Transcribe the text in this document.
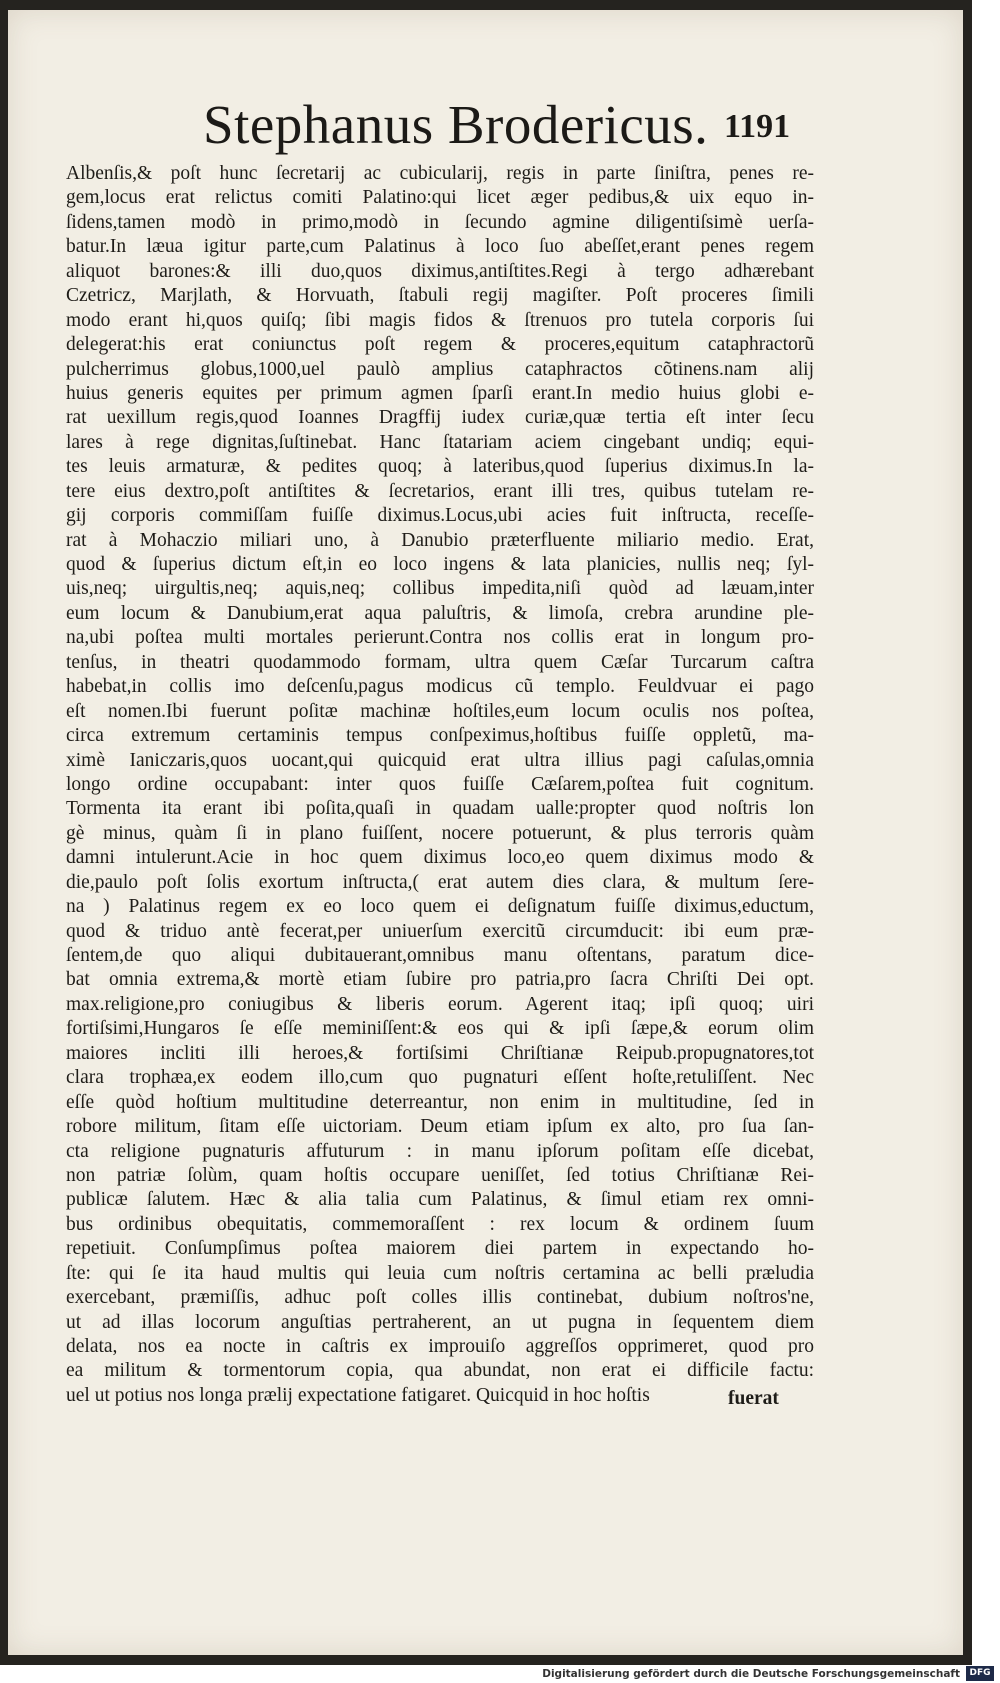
Stephanus Brodericus. 1191
Albenſis,& poſt hunc ſecretarij ac cubicularij, regis in parte ſiniſtra, penes re-
gem,locus erat relictus comiti Palatino:qui licet æger pedibus,& uix equo in-
ſidens,tamen modò in primo,modò in ſecundo agmine diligentiſsimè uerſa-
batur.In læua igitur parte,cum Palatinus à loco ſuo abeſſet,erant penes regem
aliquot barones:& illi duo,quos diximus,antiſtites.Regi à tergo adhærebant
Czetricz, Marjlath, & Horvuath, ſtabuli regij magiſter. Poſt proceres ſimili
modo erant hi,quos quiſq; ſibi magis fidos & ſtrenuos pro tutela corporis ſui
delegerat:his erat coniunctus poſt regem & proceres,equitum cataphractorũ
pulcherrimus globus,1000,uel paulò amplius cataphractos cõtinens.nam alij
huius generis equites per primum agmen ſparſi erant.In medio huius globi e-
rat uexillum regis,quod Ioannes Dragffij iudex curiæ,quæ tertia eſt inter ſecu
lares à rege dignitas,ſuſtinebat. Hanc ſtatariam aciem cingebant undiq; equi-
tes leuis armaturæ, & pedites quoq; à lateribus,quod ſuperius diximus.In la-
tere eius dextro,poſt antiſtites & ſecretarios, erant illi tres, quibus tutelam re-
gij corporis commiſſam fuiſſe diximus.Locus,ubi acies fuit inſtructa, receſſe-
rat à Mohaczio miliari uno, à Danubio præterfluente miliario medio. Erat,
quod & ſuperius dictum eſt,in eo loco ingens & lata planicies, nullis neq; ſyl-
uis,neq; uirgultis,neq; aquis,neq; collibus impedita,niſi quòd ad læuam,inter
eum locum & Danubium,erat aqua paluſtris, & limoſa, crebra arundine ple-
na,ubi poſtea multi mortales perierunt.Contra nos collis erat in longum pro-
tenſus, in theatri quodammodo formam, ultra quem Cæſar Turcarum caſtra
habebat,in collis imo deſcenſu,pagus modicus cũ templo. Feuldvuar ei pago
eſt nomen.Ibi fuerunt poſitæ machinæ hoſtiles,eum locum oculis nos poſtea,
circa extremum certaminis tempus conſpeximus,hoſtibus fuiſſe oppletũ, ma-
ximè Ianiczaris,quos uocant,qui quicquid erat ultra illius pagi caſulas,omnia
longo ordine occupabant: inter quos fuiſſe Cæſarem,poſtea fuit cognitum.
Tormenta ita erant ibi poſita,quaſi in quadam ualle:propter quod noſtris lon
gè minus, quàm ſi in plano fuiſſent, nocere potuerunt, & plus terroris quàm
damni intulerunt.Acie in hoc quem diximus loco,eo quem diximus modo &
die,paulo poſt ſolis exortum inſtructa,( erat autem dies clara, & multum ſere-
na ) Palatinus regem ex eo loco quem ei deſignatum fuiſſe diximus,eductum,
quod & triduo antè fecerat,per uniuerſum exercitũ circumducit: ibi eum præ-
ſentem,de quo aliqui dubitauerant,omnibus manu oſtentans, paratum dice-
bat omnia extrema,& mortè etiam ſubire pro patria,pro ſacra Chriſti Dei opt.
max.religione,pro coniugibus & liberis eorum. Agerent itaq; ipſi quoq; uiri
fortiſsimi,Hungaros ſe eſſe meminiſſent:& eos qui & ipſi ſæpe,& eorum olim
maiores incliti illi heroes,& fortiſsimi Chriſtianæ Reipub.propugnatores,tot
clara trophæa,ex eodem illo,cum quo pugnaturi eſſent hoſte,retuliſſent. Nec
eſſe quòd hoſtium multitudine deterreantur, non enim in multitudine, ſed in
robore militum, ſitam eſſe uictoriam. Deum etiam ipſum ex alto, pro ſua ſan-
cta religione pugnaturis affuturum : in manu ipſorum poſitam eſſe dicebat,
non patriæ ſolùm, quam hoſtis occupare ueniſſet, ſed totius Chriſtianæ Rei-
publicæ ſalutem. Hæc & alia talia cum Palatinus, & ſimul etiam rex omni-
bus ordinibus obequitatis, commemoraſſent : rex locum & ordinem ſuum
repetiuit. Conſumpſimus poſtea maiorem diei partem in expectando ho-
ſte: qui ſe ita haud multis qui leuia cum noſtris certamina ac belli præludia
exercebant, præmiſſis, adhuc poſt colles illis continebat, dubium noſtros'ne,
ut ad illas locorum anguſtias pertraherent, an ut pugna in ſequentem diem
delata, nos ea nocte in caſtris ex improuiſo aggreſſos opprimeret, quod pro
ea militum & tormentorum copia, qua abundat, non erat ei difficile factu:
uel ut potius nos longa prælij expectatione fatigaret. Quicquid in hoc hoſtis	fuerat
Digitalisierung gefördert durch die Deutsche Forschungsgemeinschaft	DFG
